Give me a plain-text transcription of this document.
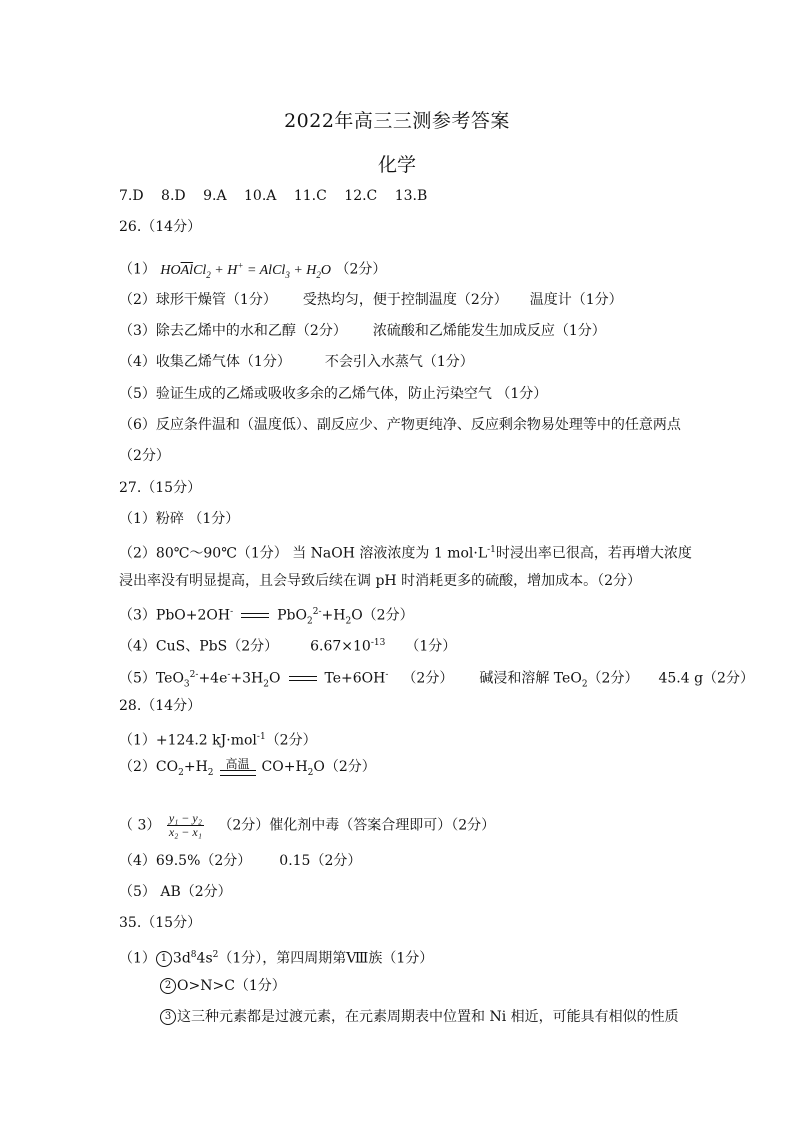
2022年高三三测参考答案
化学
7.D 8.D 9.A 10.A 11.C 12.C 13.B
26.（14分）
（1） $HO\overline{Al}Cl_2 + H^+$ = AlCl$_3$ + $H_2O$ （2分）
（2）球形干燥管（1分） 受热均匀，便于控制温度（2分） 温度计（1分）
（3）除去乙烯中的水和乙醇（2分） 浓硫酸和乙烯能发生加成反应（1分）
（4）收集乙烯气体（1分） 不会引入水蒸气（1分）
（5）验证生成的乙烯或吸收多余的乙烯气体，防止污染空气 （1分）
（6）反应条件温和（温度低）、副反应少、产物更纯净、反应剩余物易处理等中的任意两点
（2分）
27.（15分）
（1）粉碎 （1分）
（2）80℃～90℃（1分） 当 NaOH 溶液浓度为 1 $mol\cdot L^{-1}$时浸出率已很高，若再增大浓度
浸出率没有明显提高，且会导致后续在调 pH 时消耗更多的硫酸，增加成本。（2分）
（3）PbO+2OH-	$PbO_2^{2-}+H_2O(2$分）
（4）CuS、PbS（2分） $6.67\times 10^{-13}$ （1分）
$(5)TeO_3^{2-}+4e^-+3H_2O$	Te+6OH- （2分） 碱浸和溶解 TeO$_2$（2分） 45.4 g（2分）
28.（14分）
（1）+124.2 kJ·mol$^{-1}$（2分）
$(2)CO_2+H_2$
高温 $CO+H_2O(2$分）
（ $3) \frac{\text{y₁ − y₂}}{\text{x₂ − x₁}} (2$分）催化剂中毒（答案合理即可）（2分）
（4）69.5%（2分） 0.15（2分）
（5） AB（2分）
35.（15分）
（1） 1 $3d^84s^2(1$分），第四周期第Ⅷ族（1分）
2 O>N>C（1分）
3 这三种元素都是过渡元素，在元素周期表中位置和 Ni 相近，可能具有相似的性质
